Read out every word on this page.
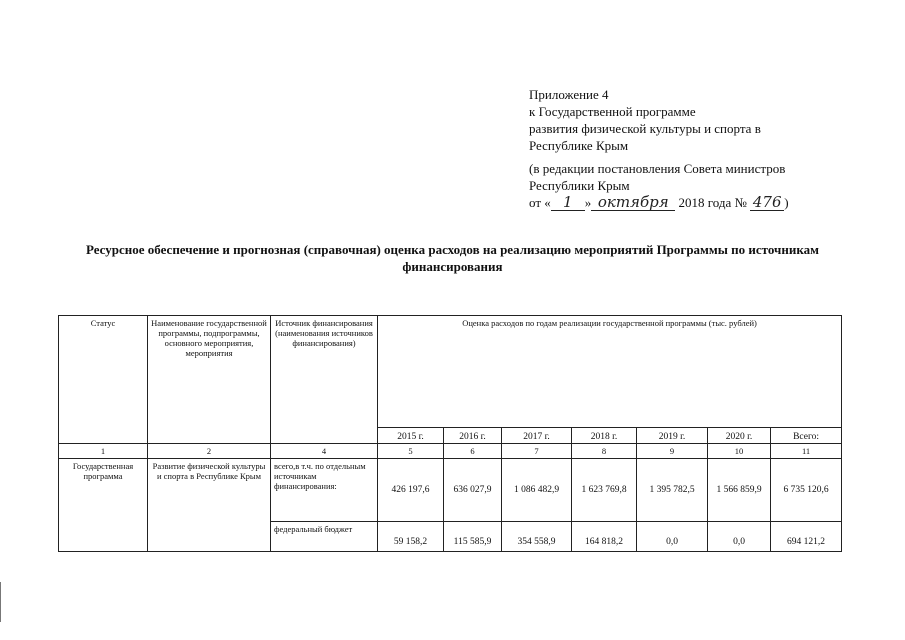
Приложение 4
к Государственной программе
развития физической культуры и спорта в
Республике Крым
(в редакции постановления Совета министров
Республики Крым
от « 1 » октября 2018 года № 476 )
Ресурсное обеспечение и прогнозная (справочная) оценка расходов на реализацию мероприятий Программы по источникам финансирования
Статус	Наименование государственной программы, подпрограммы, основного мероприятия, мероприятия	Источник финансирования (наименования источников финансирования)	Оценка расходов по годам реализации государственной программы (тыс. рублей)						
			2015 г.	2016 г.	2017 г.	2018 г.	2019 г.	2020 г.	Всего:
1	2	4	5	6	7	8	9	10	11
Государственная программа	Развитие физической культуры и спорта в Республике Крым	всего,в т.ч. по отдельным источникам финансирования:	426 197,6	636 027,9	1 086 482,9	1 623 769,8	1 395 782,5	1 566 859,9	6 735 120,6
		федеральный бюджет	59 158,2	115 585,9	354 558,9	164 818,2	0,0	0,0	694 121,2
